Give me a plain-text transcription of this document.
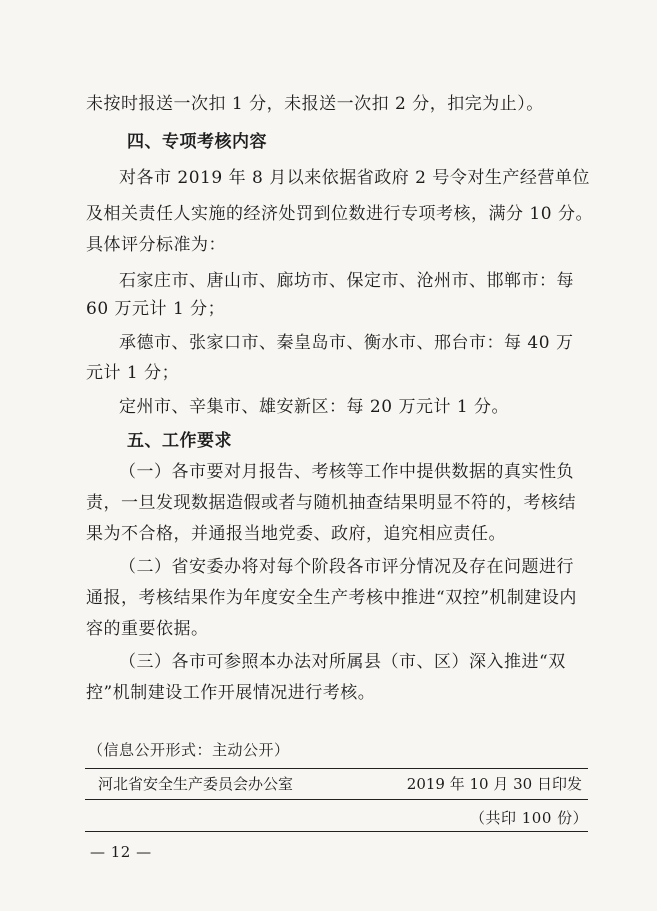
未按时报送一次扣 1 分，未报送一次扣 2 分，扣完为止）。
四、专项考核内容
对各市 2019 年 8 月以来依据省政府 2 号令对生产经营单位
及相关责任人实施的经济处罚到位数进行专项考核，满分 10 分。
具体评分标准为：
石家庄市、唐山市、廊坊市、保定市、沧州市、邯郸市：每
60 万元计 1 分；
承德市、张家口市、秦皇岛市、衡水市、邢台市：每 40 万
元计 1 分；
定州市、辛集市、雄安新区：每 20 万元计 1 分。
五、工作要求
（一）各市要对月报告、考核等工作中提供数据的真实性负
责，一旦发现数据造假或者与随机抽查结果明显不符的，考核结
果为不合格，并通报当地党委、政府，追究相应责任。
（二）省安委办将对每个阶段各市评分情况及存在问题进行
通报，考核结果作为年度安全生产考核中推进“双控”机制建设内
容的重要依据。
（三）各市可参照本办法对所属县（市、区）深入推进“双
控”机制建设工作开展情况进行考核。
（信息公开形式：主动公开）
河北省安全生产委员会办公室	2019 年 10 月 30 日印发
（共印 100 份）
— 12 —
